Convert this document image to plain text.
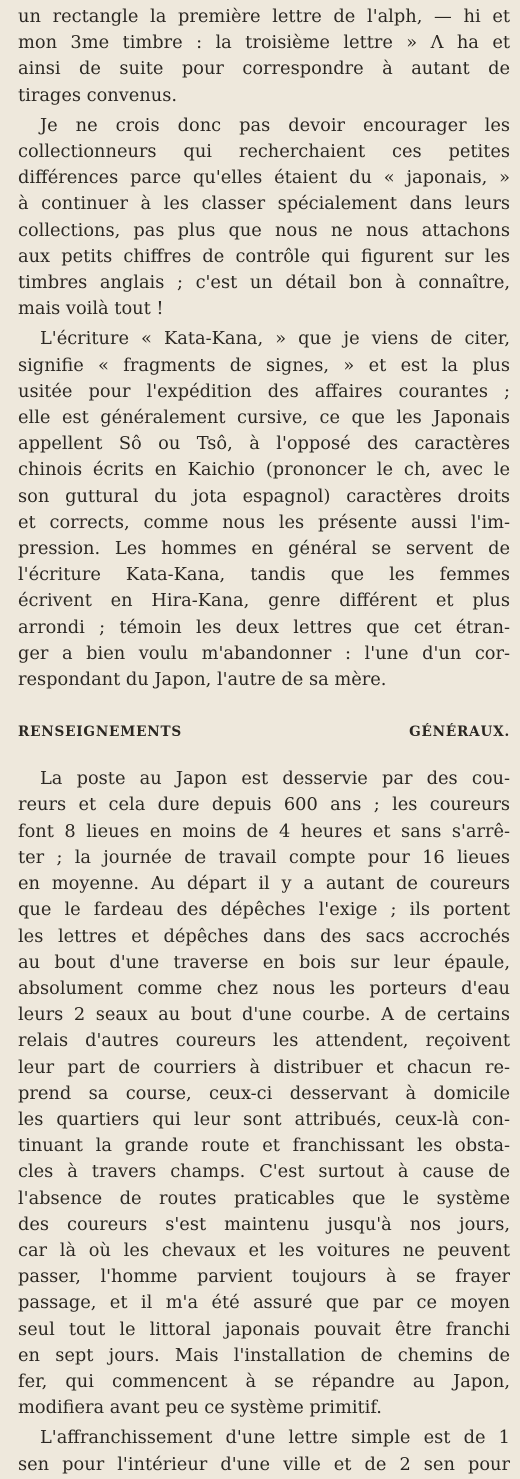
un rectangle la première lettre de l'alph, — hi et
mon 3me timbre : la troisième lettre » Λ ha et
ainsi de suite pour correspondre à autant de
tirages convenus.

Je ne crois donc pas devoir encourager les
collectionneurs qui recherchaient ces petites
différences parce qu'elles étaient du « japonais, »
à continuer à les classer spécialement dans leurs
collections, pas plus que nous ne nous attachons
aux petits chiffres de contrôle qui figurent sur les
timbres anglais ; c'est un détail bon à connaître,
mais voilà tout !

L'écriture « Kata-Kana, » que je viens de citer,
signifie « fragments de signes, » et est la plus
usitée pour l'expédition des affaires courantes ;
elle est généralement cursive, ce que les Japonais
appellent Sô ou Tsô, à l'opposé des caractères
chinois écrits en Kaichio (prononcer le ch, avec le
son guttural du jota espagnol) caractères droits
et corrects, comme nous les présente aussi l'im-
pression. Les hommes en général se servent de
l'écriture Kata-Kana, tandis que les femmes
écrivent en Hira-Kana, genre différent et plus
arrondi ; témoin les deux lettres que cet étran-
ger a bien voulu m'abandonner : l'une d'un cor-
respondant du Japon, l'autre de sa mère.

RENSEIGNEMENTS GÉNÉRAUX.

La poste au Japon est desservie par des cou-
reurs et cela dure depuis 600 ans ; les coureurs
font 8 lieues en moins de 4 heures et sans s'arrê-
ter ; la journée de travail compte pour 16 lieues
en moyenne. Au départ il y a autant de coureurs
que le fardeau des dépêches l'exige ; ils portent
les lettres et dépêches dans des sacs accrochés
au bout d'une traverse en bois sur leur épaule,
absolument comme chez nous les porteurs d'eau
leurs 2 seaux au bout d'une courbe. A de certains
relais d'autres coureurs les attendent, reçoivent
leur part de courriers à distribuer et chacun re-
prend sa course, ceux-ci desservant à domicile
les quartiers qui leur sont attribués, ceux-là con-
tinuant la grande route et franchissant les obsta-
cles à travers champs. C'est surtout à cause de
l'absence de routes praticables que le système
des coureurs s'est maintenu jusqu'à nos jours,
car là où les chevaux et les voitures ne peuvent
passer, l'homme parvient toujours à se frayer
passage, et il m'a été assuré que par ce moyen
seul tout le littoral japonais pouvait être franchi
en sept jours. Mais l'installation de chemins de
fer, qui commencent à se répandre au Japon,
modifiera avant peu ce système primitif.

L'affranchissement d'une lettre simple est de 1
sen pour l'intérieur d'une ville et de 2 sen pour
